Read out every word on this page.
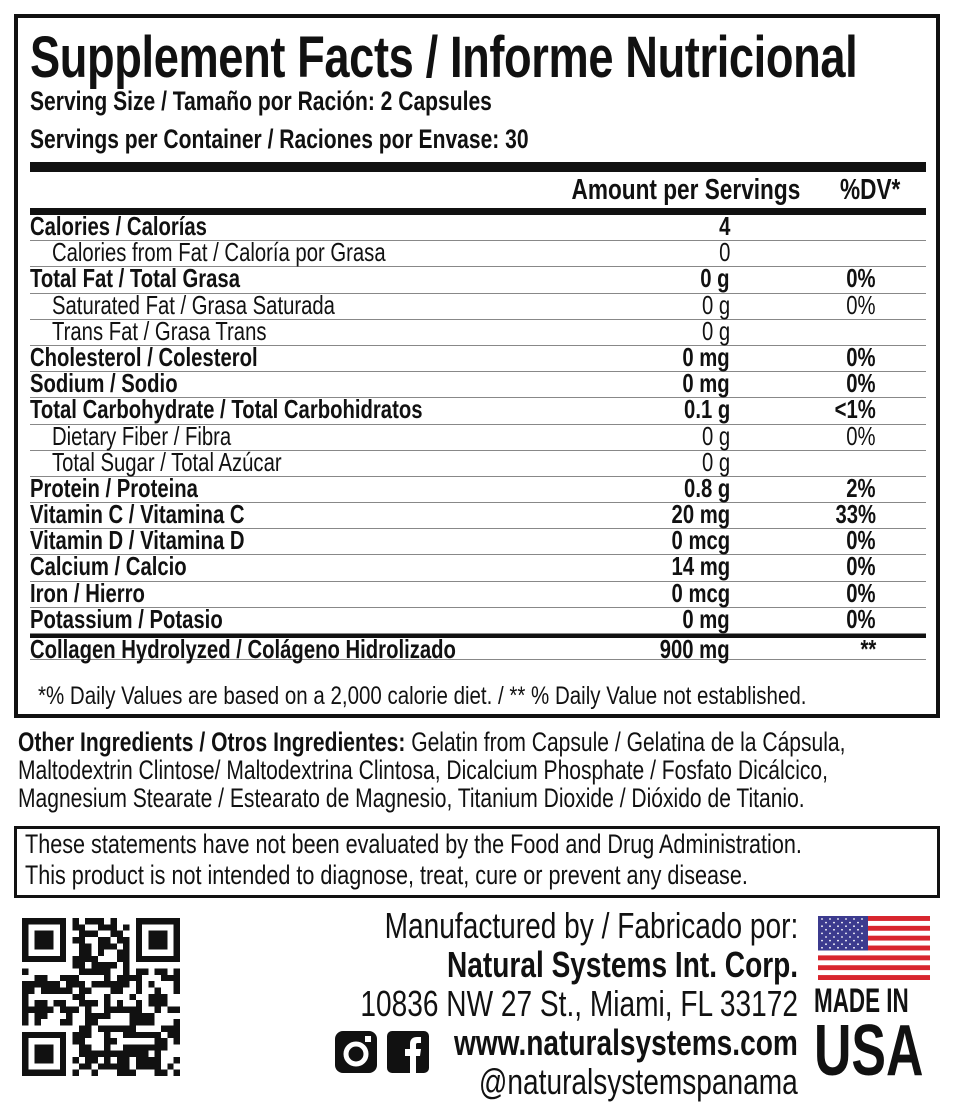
Supplement Facts / Informe Nutricional
Serving Size / Tamaño por Ración: 2 Capsules
Servings per Container / Raciones por Envase: 30
Amount per Servings	%DV*
Calories / Calorías	4
Calories from Fat / Caloría por Grasa	0
Total Fat / Total Grasa	0 g	0%
Saturated Fat / Grasa Saturada	0 g	0%
Trans Fat / Grasa Trans	0 g
Cholesterol / Colesterol	0 mg	0%
Sodium / Sodio	0 mg	0%
Total Carbohydrate / Total Carbohidratos	0.1 g	<1%
Dietary Fiber / Fibra	0 g	0%
Total Sugar / Total Azúcar	0 g
Protein / Proteina	0.8 g	2%
Vitamin C / Vitamina C	20 mg	33%
Vitamin D / Vitamina D	0 mcg	0%
Calcium / Calcio	14 mg	0%
Iron / Hierro	0 mcg	0%
Potassium / Potasio	0 mg	0%
Collagen Hydrolyzed / Colágeno Hidrolizado	900 mg	**
*% Daily Values are based on a 2,000 calorie diet. / ** % Daily Value not established.
Other Ingredients / Otros Ingredientes: Gelatin from Capsule / Gelatina de la Cápsula,
Maltodextrin Clintose/ Maltodextrina Clintosa, Dicalcium Phosphate / Fosfato Dicálcico,
Magnesium Stearate / Estearato de Magnesio, Titanium Dioxide / Dióxido de Titanio.
These statements have not been evaluated by the Food and Drug Administration.
This product is not intended to diagnose, treat, cure or prevent any disease.
Manufactured by / Fabricado por:
Natural Systems Int. Corp.
10836 NW 27 St., Miami, FL 33172
www.naturalsystems.com
@naturalsystemspanama
MADE IN
USA
